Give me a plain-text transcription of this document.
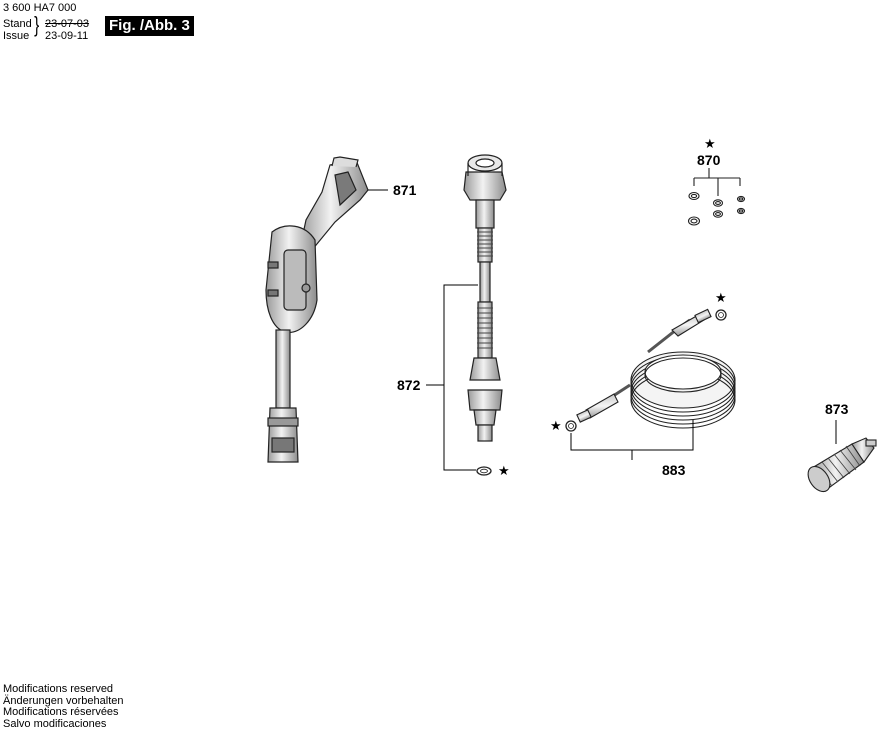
3 600 HA7 000
Stand
Issue } 23-07-03
23-09-11
Fig. /Abb. 3
871
872
870
873
883
★
★
★
★
Modifications reserved
Änderungen vorbehalten
Modifications réservées
Salvo modificaciones
